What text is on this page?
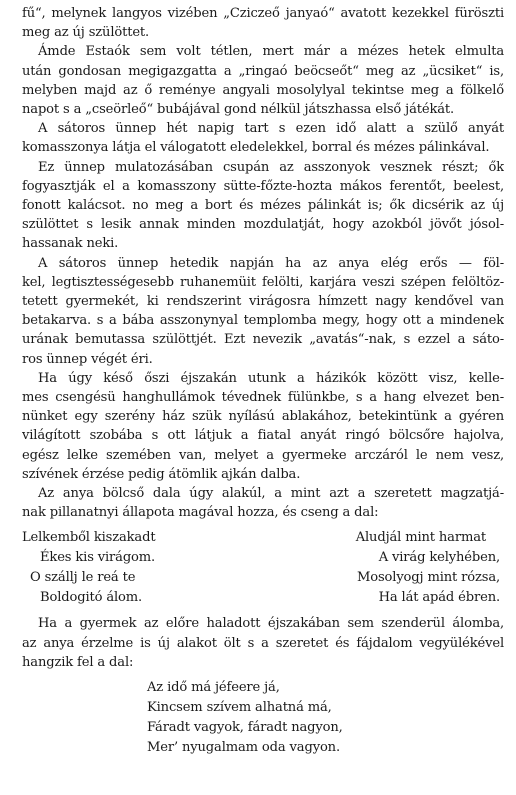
fű“, melynek langyos vizében „Cziczeő janyaó“ avatott kezekkel füröszti
meg az új szülöttet.

Ámde Estaók sem volt tétlen, mert már a mézes hetek elmulta
után gondosan megigazgatta a „ringaó beöcseőt“ meg az „ücsiket“ is,
melyben majd az ő reménye angyali mosolylyal tekintse meg a fölkelő
napot s a „cseörleő“ bubájával gond nélkül játszhassa első játékát.

A sátoros ünnep hét napig tart s ezen idő alatt a szülő anyát
komasszonya látja el válogatott eledelekkel, borral és mézes pálinkával.

Ez ünnep mulatozásában csupán az asszonyok vesznek részt; ők
fogyasztják el a komasszony sütte-főzte-hozta mákos ferentőt, beelest,
fonott kalácsot. no meg a bort és mézes pálinkát is; ők dicsérik az új
szülöttet s lesik annak minden mozdulatját, hogy azokból jövőt jósol-
hassanak neki.

A sátoros ünnep hetedik napján ha az anya elég erős — föl-
kel, legtisztességesebb ruhanemüit felölti, karjára veszi szépen felöltöz-
tetett gyermekét, ki rendszerint virágosra hímzett nagy kendővel van
betakarva. s a bába asszonynyal templomba megy, hogy ott a mindenek
urának bemutassa szülöttjét. Ezt nevezik „avatás“-nak, s ezzel a sáto-
ros ünnep végét éri.

Ha úgy késő őszi éjszakán utunk a házikók között visz, kelle-
mes csengésü hanghullámok tévednek fülünkbe, s a hang elvezet ben-
nünket egy szerény ház szük nyílású ablakához, betekintünk a gyéren
világított szobába s ott látjuk a fiatal anyát ringó bölcsőre hajolva,
egész lelke szemében van, melyet a gyermeke arczáról le nem vesz,
szívének érzése pedig átömlik ajkán dalba.

Az anya bölcső dala úgy alakúl, a mint azt a szeretett magzatjá-
nak pillanatnyi állapota magával hozza, és cseng a dal:

Lelkemből kiszakadt
Ékes kis virágom.
O szállj le reá te
Boldogitó álom.
Aludjál mint harmat
A virág kelyhében,
Mosolyogj mint rózsa,
Ha lát apád ébren.

Ha a gyermek az előre haladott éjszakában sem szenderül álomba,
az anya érzelme is új alakot ölt s a szeretet és fájdalom vegyülékével
hangzik fel a dal:

Az idő má jéfeere já,
Kincsem szívem alhatná má,
Fáradt vagyok, fáradt nagyon,
Mer’ nyugalmam oda vagyon.
